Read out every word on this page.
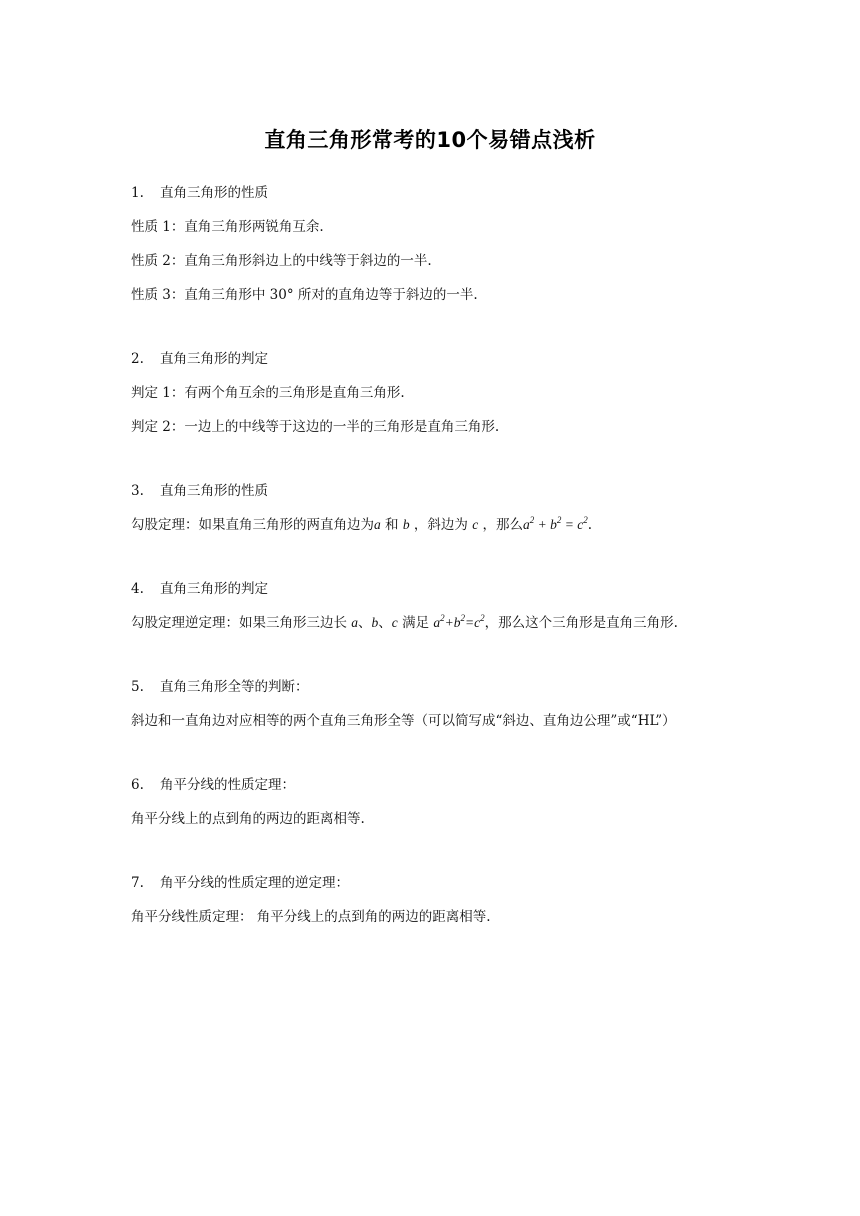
直角三角形常考的10个易错点浅析
1. 直角三角形的性质
性质 1：直角三角形两锐角互余.
性质 2：直角三角形斜边上的中线等于斜边的一半.
性质 3：直角三角形中 30° 所对的直角边等于斜边的一半.
2. 直角三角形的判定
判定 1：有两个角互余的三角形是直角三角形.
判定 2：一边上的中线等于这边的一半的三角形是直角三角形.
3. 直角三角形的性质
勾股定理：如果直角三角形的两直角边为a 和 b ，斜边为 c ，那么$a^2 + b^2 = c^2$.
4. 直角三角形的判定
勾股定理逆定理：如果三角形三边长 a、b、c 满足 $a^2+b^2=c^2$，那么这个三角形是直角三角形.
5. 直角三角形全等的判断：
斜边和一直角边对应相等的两个直角三角形全等（可以简写成“斜边、直角边公理”或“HL”）
6. 角平分线的性质定理：
角平分线上的点到角的两边的距离相等.
7. 角平分线的性质定理的逆定理：
角平分线性质定理： 角平分线上的点到角的两边的距离相等.
